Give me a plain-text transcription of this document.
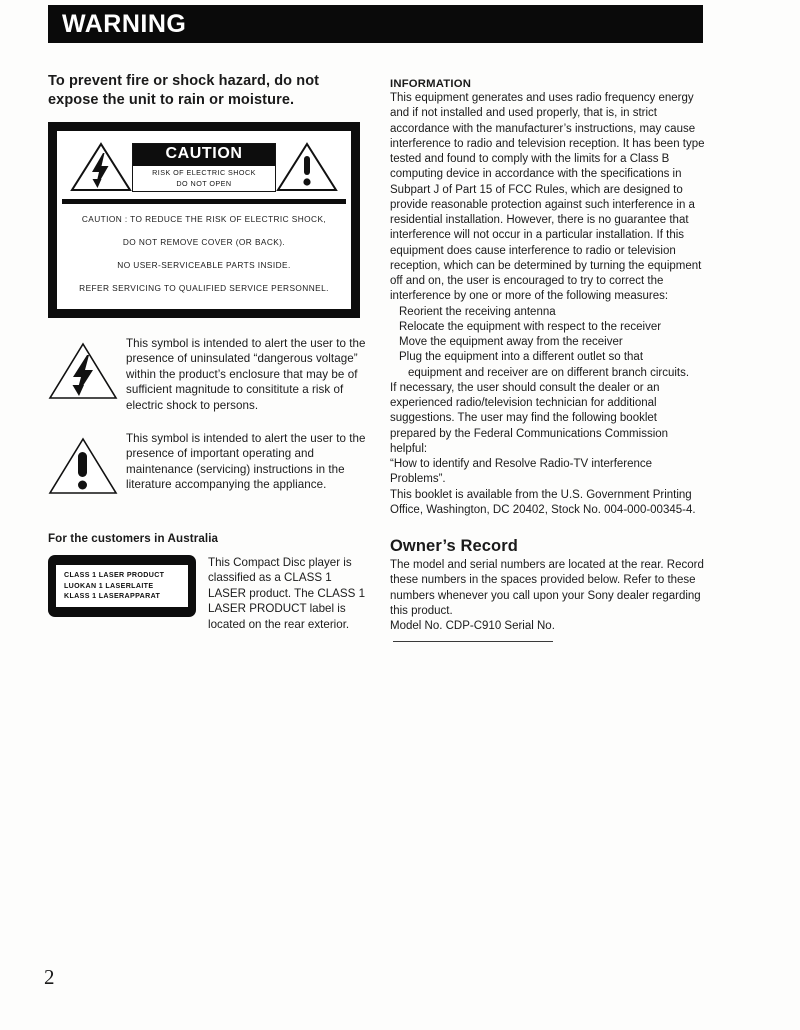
WARNING

To prevent fire or shock hazard, do not expose the unit to rain or moisture.

CAUTION
RISK OF ELECTRIC SHOCK
DO NOT OPEN
CAUTION : TO REDUCE THE RISK OF ELECTRIC SHOCK,
DO NOT REMOVE COVER (OR BACK).
NO USER-SERVICEABLE PARTS INSIDE.
REFER SERVICING TO QUALIFIED SERVICE PERSONNEL.
This symbol is intended to alert the user to the presence of uninsulated “dangerous voltage” within the product’s enclosure that may be of sufficient magnitude to consititute a risk of electric shock to persons.
This symbol is intended to alert the user to the presence of important operating and maintenance (servicing) instructions in the literature accompanying the appliance.
For the customers in Australia
CLASS 1 LASER PRODUCT
LUOKAN 1 LASERLAITE
KLASS 1 LASERAPPARAT
This Compact Disc player is classified as a CLASS 1 LASER product. The CLASS 1 LASER PRODUCT label is located on the rear exterior.
INFORMATION
This equipment generates and uses radio frequency energy and if not installed and used properly, that is, in strict accordance with the manufacturer’s instructions, may cause interference to radio and television reception. It has been type tested and found to comply with the limits for a Class B computing device in accordance with the specifications in Subpart J of Part 15 of FCC Rules, which are designed to provide reasonable protection against such interference in a residential installation. However, there is no guarantee that interference will not occur in a particular installation. If this equipment does cause interference to radio or television reception, which can be determined by turning the equipment off and on, the user is encouraged to try to correct the interference by one or more of the following measures:
Reorient the receiving antenna
Relocate the equipment with respect to the receiver
Move the equipment away from the receiver
Plug the equipment into a different outlet so that
equipment and receiver are on different branch circuits.
If necessary, the user should consult the dealer or an experienced radio/television technician for additional suggestions. The user may find the following booklet prepared by the Federal Communications Commission helpful:
“How to identify and Resolve Radio-TV interference Problems”.
This booklet is available from the U.S. Government Printing Office, Washington, DC 20402, Stock No. 004-000-00345-4.
Owner’s Record
The model and serial numbers are located at the rear. Record these numbers in the spaces provided below. Refer to these numbers whenever you call upon your Sony dealer regarding this product.
Model No. CDP-C910 Serial No.
2
